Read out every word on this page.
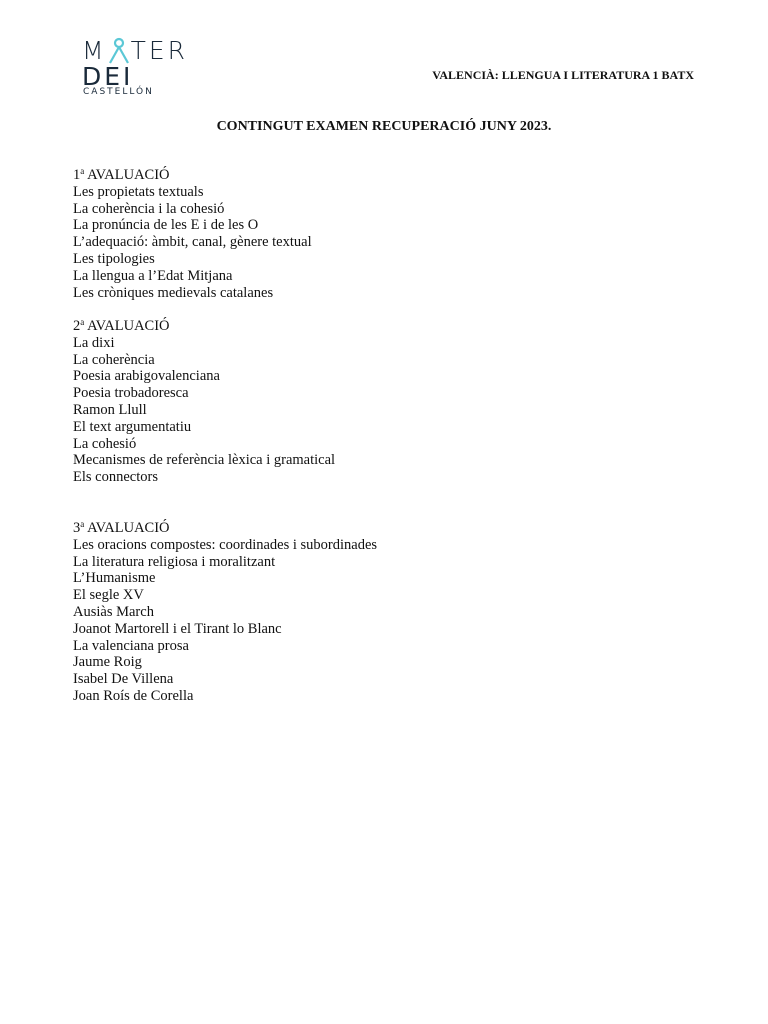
M TER
DEI
CASTELLÓN
VALENCIÀ: LLENGUA I LITERATURA 1 BATX
CONTINGUT EXAMEN RECUPERACIÓ JUNY 2023.
1$^a$ AVALUACIÓ
Les propietats textuals
La coherència i la cohesió
La pronúncia de les E i de les O
L’adequació: àmbit, canal, gènere textual
Les tipologies
La llengua a l’Edat Mitjana
Les cròniques medievals catalanes
2$^a$ AVALUACIÓ
La dixi
La coherència
Poesia arabigovalenciana
Poesia trobadoresca
Ramon Llull
El text argumentatiu
La cohesió
Mecanismes de referència lèxica i gramatical
Els connectors
3$^a$ AVALUACIÓ
Les oracions compostes: coordinades i subordinades
La literatura religiosa i moralitzant
L’Humanisme
El segle XV
Ausiàs March
Joanot Martorell i el Tirant lo Blanc
La valenciana prosa
Jaume Roig
Isabel De Villena
Joan Roís de Corella
